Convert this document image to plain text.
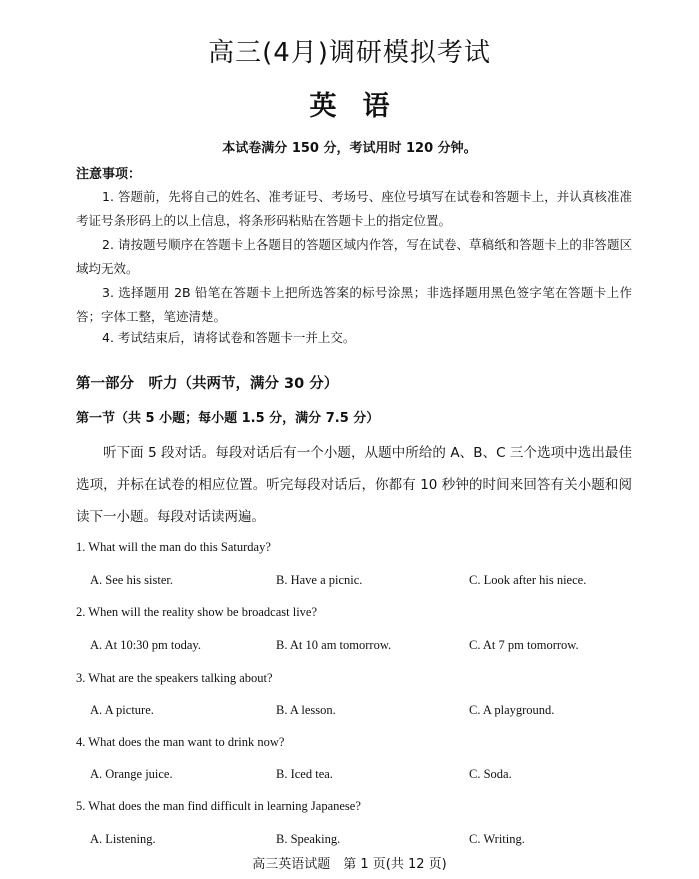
高三(4月)调研模拟考试
英语
本试卷满分 150 分，考试用时 120 分钟。
注意事项：
1. 答题前，先将自己的姓名、准考证号、考场号、座位号填写在试卷和答题卡上，并认真核准准考证号条形码上的以上信息，将条形码粘贴在答题卡上的指定位置。
2. 请按题号顺序在答题卡上各题目的答题区域内作答，写在试卷、草稿纸和答题卡上的非答题区域均无效。
3. 选择题用 2B 铅笔在答题卡上把所选答案的标号涂黑；非选择题用黑色签字笔在答题卡上作答；字体工整，笔迹清楚。
4. 考试结束后，请将试卷和答题卡一并上交。
第一部分　听力（共两节，满分 30 分）
第一节（共 5 小题；每小题 1.5 分，满分 7.5 分）
听下面 5 段对话。每段对话后有一个小题，从题中所给的 A、B、C 三个选项中选出最佳选项，并标在试卷的相应位置。听完每段对话后，你都有 10 秒钟的时间来回答有关小题和阅读下一小题。每段对话读两遍。
1. What will the man do this Saturday?
A. See his sister.	B. Have a picnic.	C. Look after his niece.
2. When will the reality show be broadcast live?
A. At 10:30 pm today.	B. At 10 am tomorrow.	C. At 7 pm tomorrow.
3. What are the speakers talking about?
A. A picture.	B. A lesson.	C. A playground.
4. What does the man want to drink now?
A. Orange juice.	B. Iced tea.	C. Soda.
5. What does the man find difficult in learning Japanese?
A. Listening.	B. Speaking.	C. Writing.
高三英语试题　第 1 页(共 12 页)
